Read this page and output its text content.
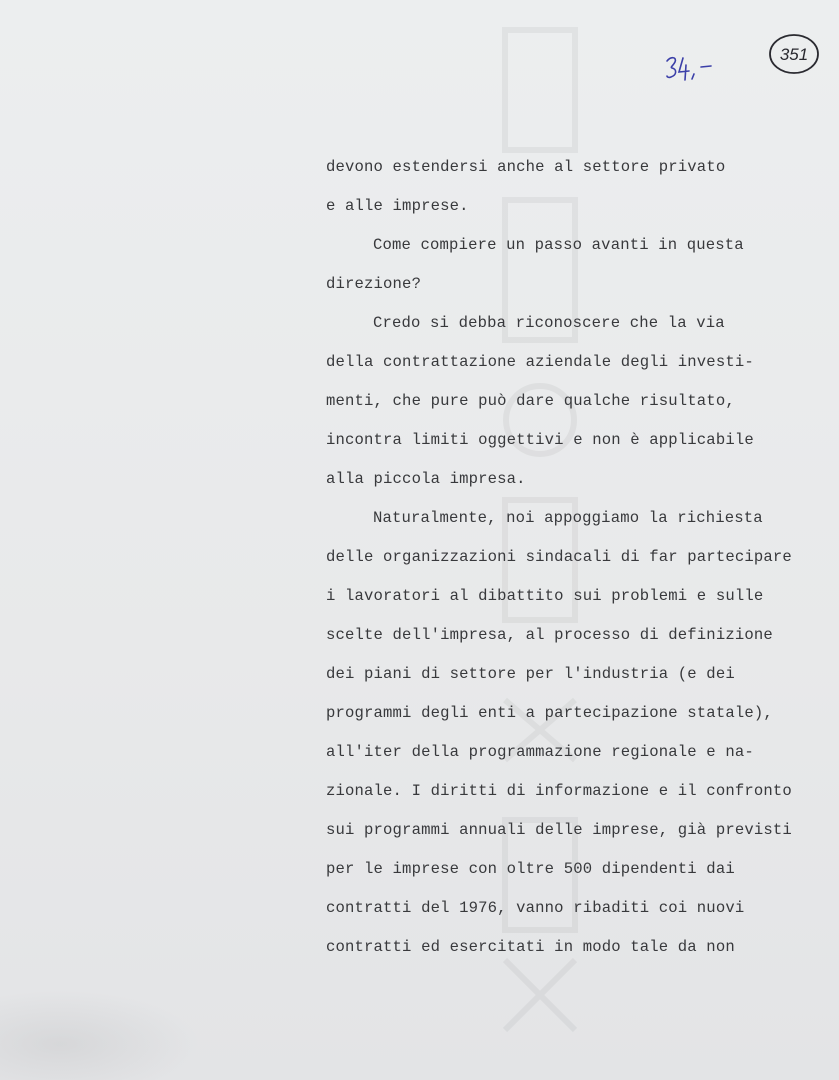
351
devono estendersi anche al settore privato
e alle imprese.
Come compiere un passo avanti in questa
direzione?
Credo si debba riconoscere che la via
della contrattazione aziendale degli investi-
menti, che pure può dare qualche risultato,
incontra limiti oggettivi e non è applicabile
alla piccola impresa.
Naturalmente, noi appoggiamo la richiesta
delle organizzazioni sindacali di far partecipare
i lavoratori al dibattito sui problemi e sulle
scelte dell'impresa, al processo di definizione
dei piani di settore per l'industria (e dei
programmi degli enti a partecipazione statale),
all'iter della programmazione regionale e na-
zionale. I diritti di informazione e il confronto
sui programmi annuali delle imprese, già previsti
per le imprese con oltre 500 dipendenti dai
contratti del 1976, vanno ribaditi coi nuovi
contratti ed esercitati in modo tale da non
